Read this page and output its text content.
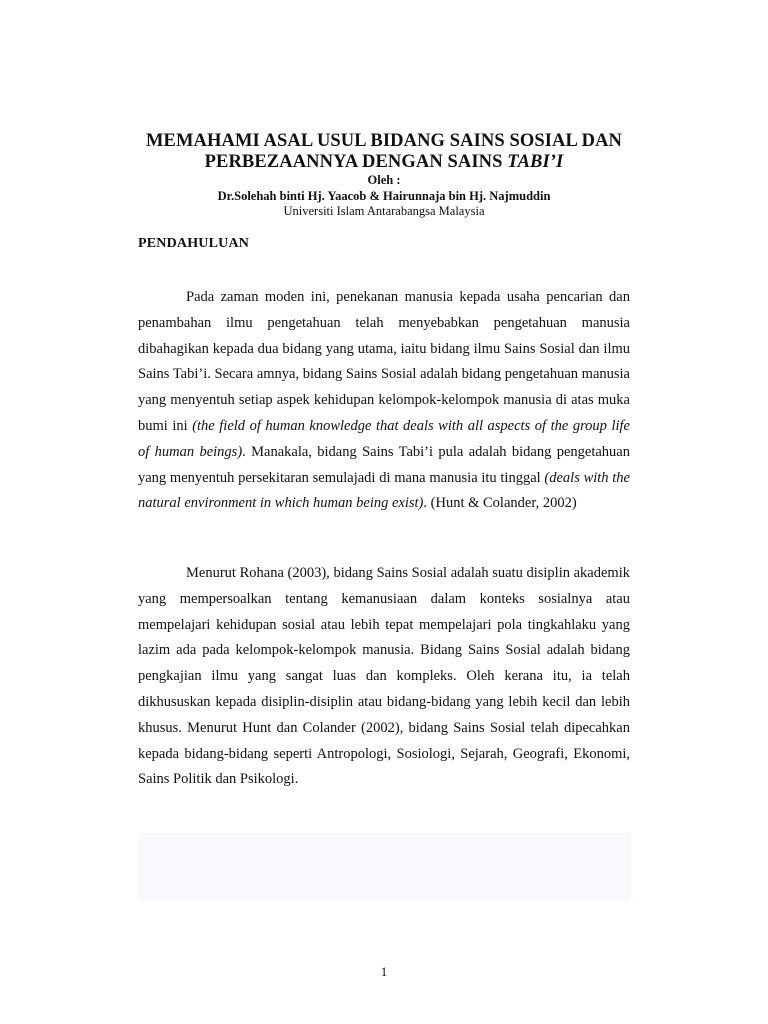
MEMAHAMI ASAL USUL BIDANG SAINS SOSIAL DAN
PERBEZAANNYA DENGAN SAINS TABI’I
Oleh :
Dr.Solehah binti Hj. Yaacob & Hairunnaja bin Hj. Najmuddin
Universiti Islam Antarabangsa Malaysia
PENDAHULUAN

Pada zaman moden ini, penekanan manusia kepada usaha pencarian dan penambahan ilmu pengetahuan telah menyebabkan pengetahuan manusia dibahagikan kepada dua bidang yang utama, iaitu bidang ilmu Sains Sosial dan ilmu Sains Tabi’i. Secara amnya, bidang Sains Sosial adalah bidang pengetahuan manusia yang menyentuh setiap aspek kehidupan kelompok-kelompok manusia di atas muka bumi ini (the field of human knowledge that deals with all aspects of the group life of human beings). Manakala, bidang Sains Tabi’i pula adalah bidang pengetahuan yang menyentuh persekitaran semulajadi di mana manusia itu tinggal (deals with the natural environment in which human being exist). (Hunt & Colander, 2002)

Menurut Rohana (2003), bidang Sains Sosial adalah suatu disiplin akademik yang mempersoalkan tentang kemanusiaan dalam konteks sosialnya atau mempelajari kehidupan sosial atau lebih tepat mempelajari pola tingkahlaku yang lazim ada pada kelompok-kelompok manusia. Bidang Sains Sosial adalah bidang pengkajian ilmu yang sangat luas dan kompleks. Oleh kerana itu, ia telah dikhususkan kepada disiplin-disiplin atau bidang-bidang yang lebih kecil dan lebih khusus. Menurut Hunt dan Colander (2002), bidang Sains Sosial telah dipecahkan kepada bidang-bidang seperti Antropologi, Sosiologi, Sejarah, Geografi, Ekonomi, Sains Politik dan Psikologi.

1
